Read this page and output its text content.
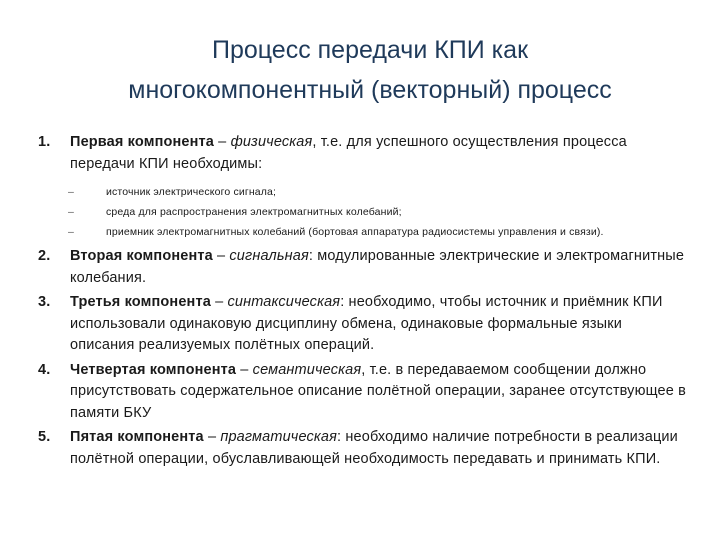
Процесс передачи КПИ как
многокомпонентный (векторный) процесс
1. Первая компонента – физическая, т.е. для успешного осуществления процесса передачи КПИ необходимы:
–	источник электрического сигнала;
–	среда для распространения электромагнитных колебаний;
–	приемник электромагнитных колебаний (бортовая аппаратура радиосистемы управления и связи).
2. Вторая компонента – сигнальная: модулированные электрические и электромагнитные колебания.
3. Третья компонента – синтаксическая: необходимо, чтобы источник и приёмник КПИ использовали одинаковую дисциплину обмена, одинаковые формальные языки описания реализуемых полётных операций.
4. Четвертая компонента – семантическая, т.е. в передаваемом сообщении должно присутствовать содержательное описание полётной операции, заранее отсутствующее в памяти БКУ
5. Пятая компонента – прагматическая: необходимо наличие потребности в реализации полётной операции, обуславливающей необходимость передавать и принимать КПИ.
